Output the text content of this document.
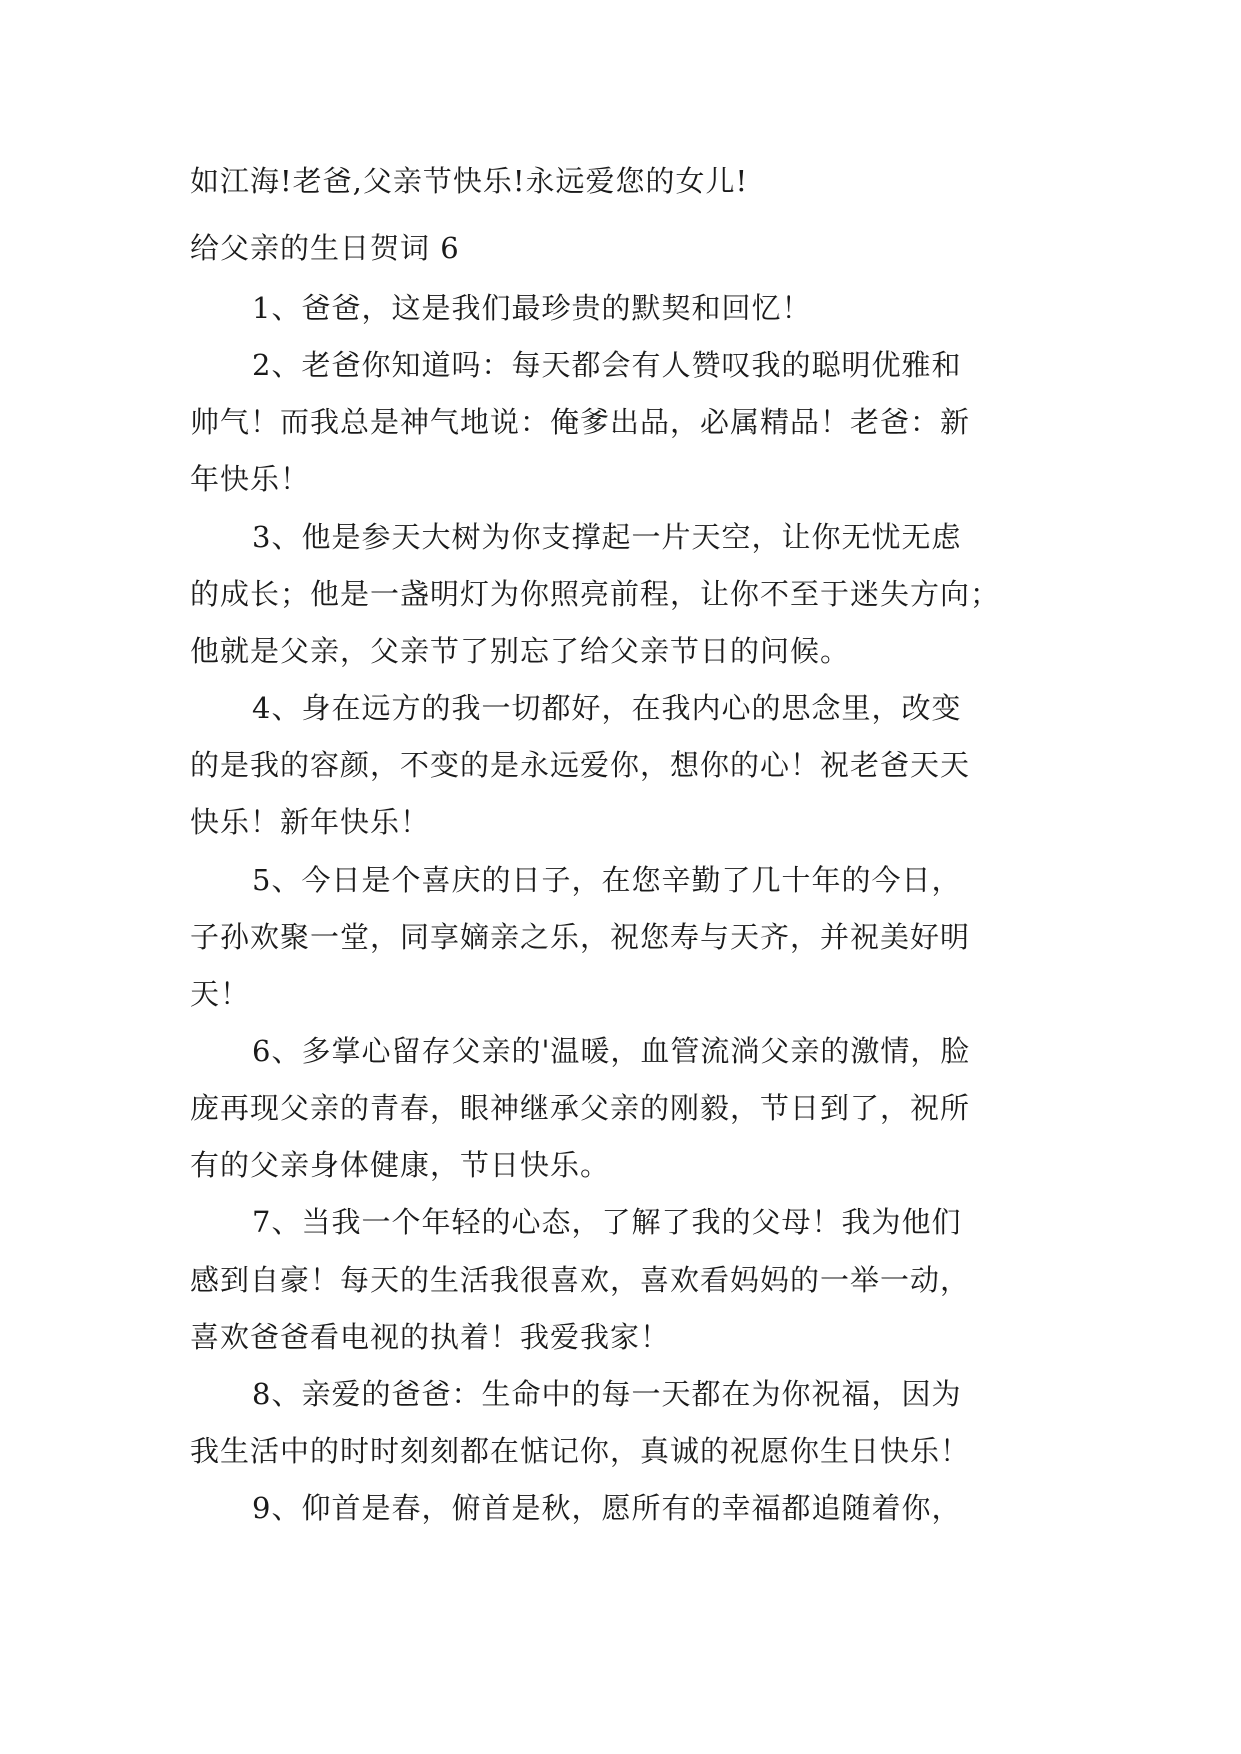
如江海!老爸,父亲节快乐!永远爱您的女儿!
给父亲的生日贺词 6
1、爸爸，这是我们最珍贵的默契和回忆！
2、老爸你知道吗：每天都会有人赞叹我的聪明优雅和
帅气！而我总是神气地说：俺爹出品，必属精品！老爸：新
年快乐！
3、他是参天大树为你支撑起一片天空，让你无忧无虑
的成长；他是一盏明灯为你照亮前程，让你不至于迷失方向；
他就是父亲，父亲节了别忘了给父亲节日的问候。
4、身在远方的我一切都好，在我内心的思念里，改变
的是我的容颜，不变的是永远爱你，想你的心！祝老爸天天
快乐！新年快乐！
5、今日是个喜庆的日子，在您辛勤了几十年的今日，
子孙欢聚一堂，同享嫡亲之乐，祝您寿与天齐，并祝美好明
天！
6、多掌心留存父亲的'温暖，血管流淌父亲的激情，脸
庞再现父亲的青春，眼神继承父亲的刚毅，节日到了，祝所
有的父亲身体健康，节日快乐。
7、当我一个年轻的心态，了解了我的父母！我为他们
感到自豪！每天的生活我很喜欢，喜欢看妈妈的一举一动，
喜欢爸爸看电视的执着！我爱我家！
8、亲爱的爸爸：生命中的每一天都在为你祝福，因为
我生活中的时时刻刻都在惦记你，真诚的祝愿你生日快乐！
9、仰首是春，俯首是秋，愿所有的幸福都追随着你，
